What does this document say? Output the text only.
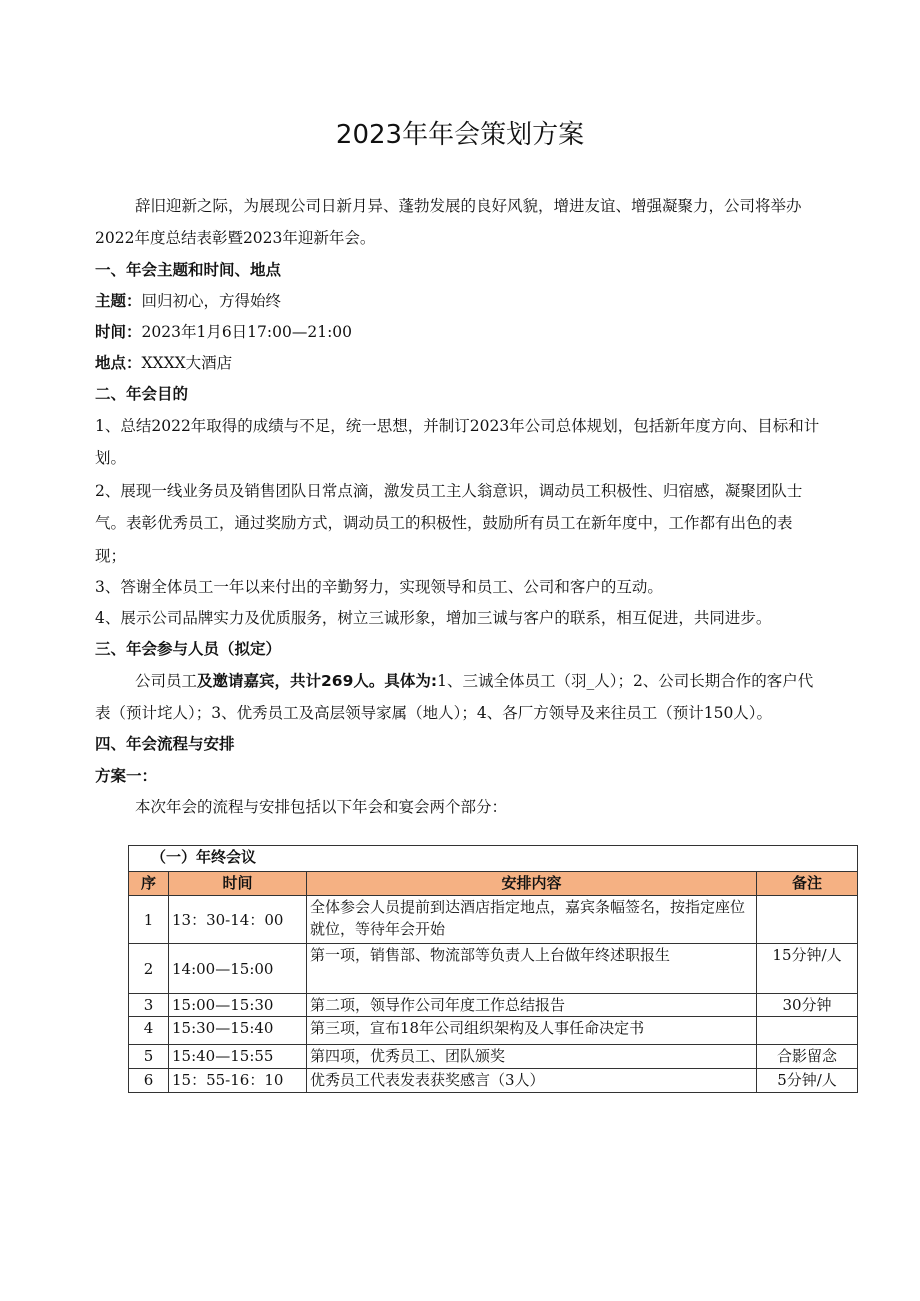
2023年年会策划方案
辞旧迎新之际，为展现公司日新月异、蓬勃发展的良好风貌，增进友谊、增强凝聚力，公司将举办
2022年度总结表彰暨2023年迎新年会。
一、年会主题和时间、地点
主题：回归初心，方得始终
时间：2023年1月6日17:00—21:00
地点：XXXX大酒店
二、年会目的
1、总结2022年取得的成绩与不足，统一思想，并制订2023年公司总体规划，包括新年度方向、目标和计
划。
2、展现一线业务员及销售团队日常点滴，激发员工主人翁意识，调动员工积极性、归宿感，凝聚团队士
气。表彰优秀员工，通过奖励方式，调动员工的积极性，鼓励所有员工在新年度中，工作都有出色的表
现；
3、答谢全体员工一年以来付出的辛勤努力，实现领导和员工、公司和客户的互动。
4、展示公司品牌实力及优质服务，树立三诚形象，增加三诚与客户的联系，相互促进，共同进步。
三、年会参与人员（拟定）
公司员工及邀请嘉宾，共计269人。具体为:1、三诚全体员工（羽_人）；2、公司长期合作的客户代
表（预计垞人）；3、优秀员工及高层领导家属（地人）；4、各厂方领导及来往员工（预计150人）。
四、年会流程与安排
方案一：
本次年会的流程与安排包括以下年会和宴会两个部分：
（一）年终会议			
序	时间	安排内容	备注
1	13：30-14：00	全体参会人员提前到达酒店指定地点，嘉宾条幅签名，按指定座位就位，等待年会开始	
2	14:00—15:00	第一项，销售部、物流部等负责人上台做年终述职报生	15分钟/人
3	15:00—15:30	第二项，领导作公司年度工作总结报告	30分钟
4	15:30—15:40	第三项，宣布18年公司组织架构及人事任命决定书	
5	15:40—15:55	第四项，优秀员工、团队颁奖	合影留念
6	15：55-16：10	优秀员工代表发表获奖感言（3人）	5分钟/人
